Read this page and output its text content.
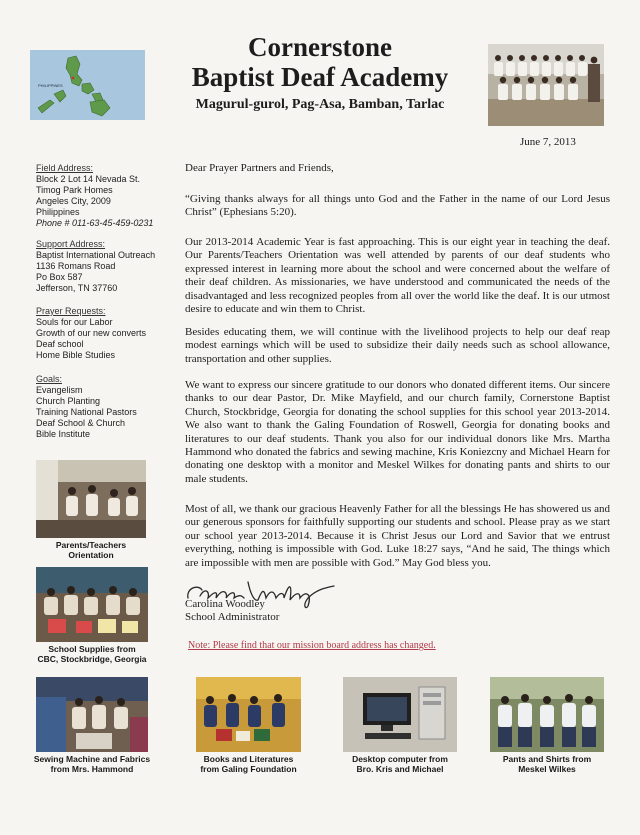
PHILIPPINES
Cornerstone
Baptist Deaf Academy
Magurul-gurol, Pag-Asa, Bamban, Tarlac
June 7, 2013
Field Address:
Block 2 Lot 14 Nevada St.
Timog Park Homes
Angeles City, 2009
Philippines
Phone # 011-63-45-459-0231
Support Address:
Baptist International Outreach
1136 Romans Road
Po Box 587
Jefferson, TN 37760
Prayer Requests:
Souls for our Labor
Growth of our new converts
Deaf school
Home Bible Studies
Goals:
Evangelism
Church Planting
Training National Pastors
Deaf School & Church
Bible Institute
Parents/Teachers
Orientation
School Supplies from
CBC, Stockbridge, Georgia
Dear Prayer Partners and Friends,

“Giving thanks always for all things unto God and the Father in the name of our Lord Jesus Christ” (Ephesians 5:20).

Our 2013-2014 Academic Year is fast approaching. This is our eight year in teaching the deaf. Our Parents/Teachers Orientation was well attended by parents of our deaf students who expressed interest in learning more about the school and were concerned about the welfare of their deaf children. As missionaries, we have understood and communicated the needs of the disadvantaged and less recognized peoples from all over the world like the deaf. It is our utmost desire to educate and win them to Christ.

Besides educating them, we will continue with the livelihood projects to help our deaf reap modest earnings which will be used to subsidize their daily needs such as school allowance, transportation and other supplies.

We want to express our sincere gratitude to our donors who donated different items. Our sincere thanks to our dear Pastor, Dr. Mike Mayfield, and our church family, Cornerstone Baptist Church, Stockbridge, Georgia for donating the school supplies for this school year 2013-2014. We also want to thank the Galing Foundation of Roswell, Georgia for donating books and literatures to our deaf students. Thank you also for our individual donors like Mrs. Martha Hammond who donated the fabrics and sewing machine, Kris Koniezcny and Michael Hearn for donating one desktop with a monitor and Meskel Wilkes for donating pants and shirts to our male students.

Most of all, we thank our gracious Heavenly Father for all the blessings He has showered us and our generous sponsors for faithfully supporting our students and school. Please pray as we start our school year 2013-2014. Because it is Christ Jesus our Lord and Savior that we entrust everything, nothing is impossible with God. Luke 18:27 says, “And he said, The things which are impossible with men are possible with God.” May God bless you.

Carolina Woodley
School Administrator
Note: Please find that our mission board address has changed.
Sewing Machine and Fabrics
from Mrs. Hammond
Books and Literatures
from Galing Foundation
Desktop computer from
Bro. Kris and Michael
Pants and Shirts from
Meskel Wilkes
